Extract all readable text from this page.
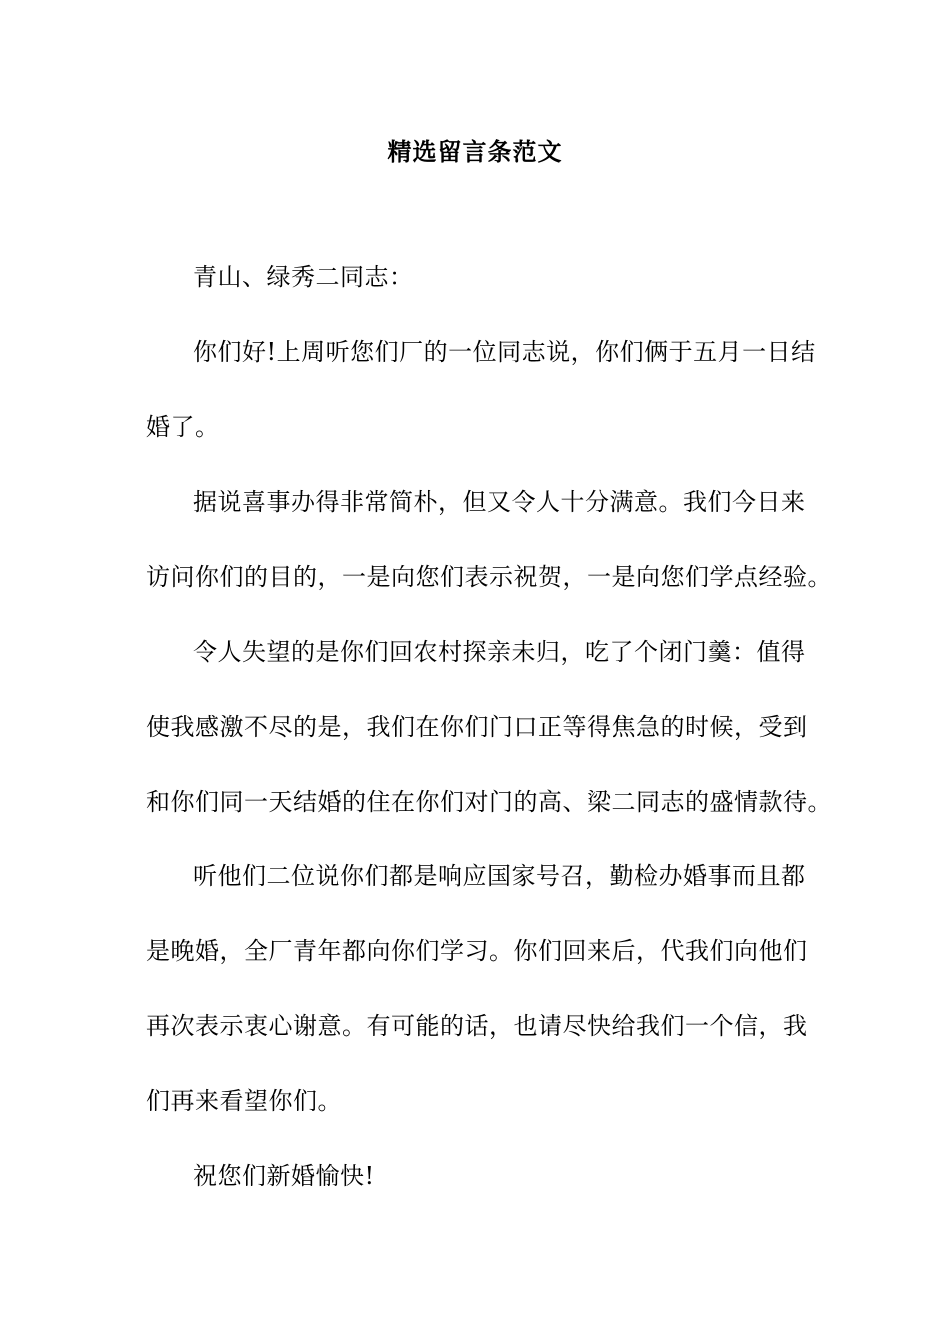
精选留言条范文
青山、绿秀二同志：
你们好!上周听您们厂的一位同志说，你们俩于五月一日结
婚了。
据说喜事办得非常简朴，但又令人十分满意。我们今日来
访问你们的目的，一是向您们表示祝贺，一是向您们学点经验。
令人失望的是你们回农村探亲未归，吃了个闭门羹：值得
使我感激不尽的是，我们在你们门口正等得焦急的时候，受到
和你们同一天结婚的住在你们对门的高、梁二同志的盛情款待。
听他们二位说你们都是响应国家号召，勤检办婚事而且都
是晚婚，全厂青年都向你们学习。你们回来后，代我们向他们
再次表示衷心谢意。有可能的话，也请尽快给我们一个信，我
们再来看望你们。
祝您们新婚愉快!
